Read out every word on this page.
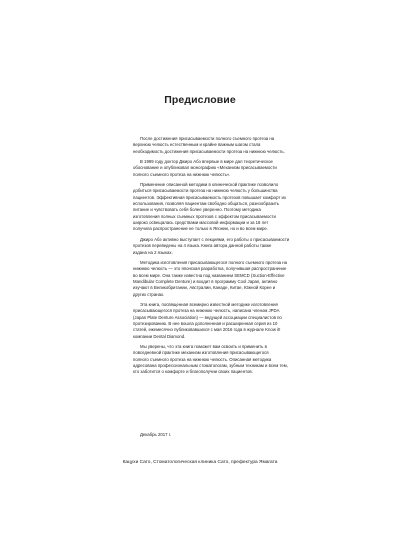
Предисловие
После достижения присасываемости полного съемного протеза на
верхнюю челюсть естественным и крайне важным шагом стала
необходимость достижения присасываемости протеза на нижнюю челюсть.
В 1999 году доктор Джиро Абэ впервые в мире дал теоретическое
обоснование и опубликовал монографию «Механизм присасываемости
полного съемного протеза на нижнюю челюсть».
Применение описанной методики в клинической практике позволило
добиться присасываемости протеза на нижнюю челюсть у большинства
пациентов. Эффективная присасываемость протезов повышает комфорт их
использования, позволяя пациентам свободно общаться, разнообразить
питание и чувствовать себя более уверенно. Поэтому методика
изготовления полных съемных протезов с эффектом присасываемости
широко освещалась средствами массовой информации и за 18 лет
получила распространение не только в Японии, но и во всем мире.
Джиро Абэ активно выступает с лекциями, его работы о присасываемости
протезов переведены на 4 языка. Книга автора данной работы также
издана на 2 языках.
Методика изготовления присасывающегося полного съемного протеза на
нижнюю челюсть — это японская разработка, получившая распространение
во всем мире. Она также известна под названием SEMCD (Suction-Effective
Mandibular Complete Denture) и входит в программу Cool Japan, активно
изучают в Великобритании, Австралии, Канаде, Китае, Южной Корее и
других странах.
Эта книга, посвященная всемирно известной методике изготовления
присасывающегося протеза на нижнюю челюсть, написана членом JPDA
(Japan Plate Denture Association) — ведущей ассоциации специалистов по
протезированию. В нее вошла дополненная и расширенная серия из 10
статей, ежемесячно публиковавшихся с мая 2016 года в журнале Know it!
компании Dental Diamond.
Мы уверены, что эта книга поможет вам освоить и применить в
повседневной практике механизм изготовления присасывающегося
полного съемного протеза на нижнюю челюсть. Описанная методика
адресована профессиональным стоматологам, зубным техникам и всем тем,
кто заботится о комфорте и благополучии своих пациентов.
Декабрь 2017 г.
Кацухи Сато, Стоматологическая клиника Сато, префектура Ямагата
